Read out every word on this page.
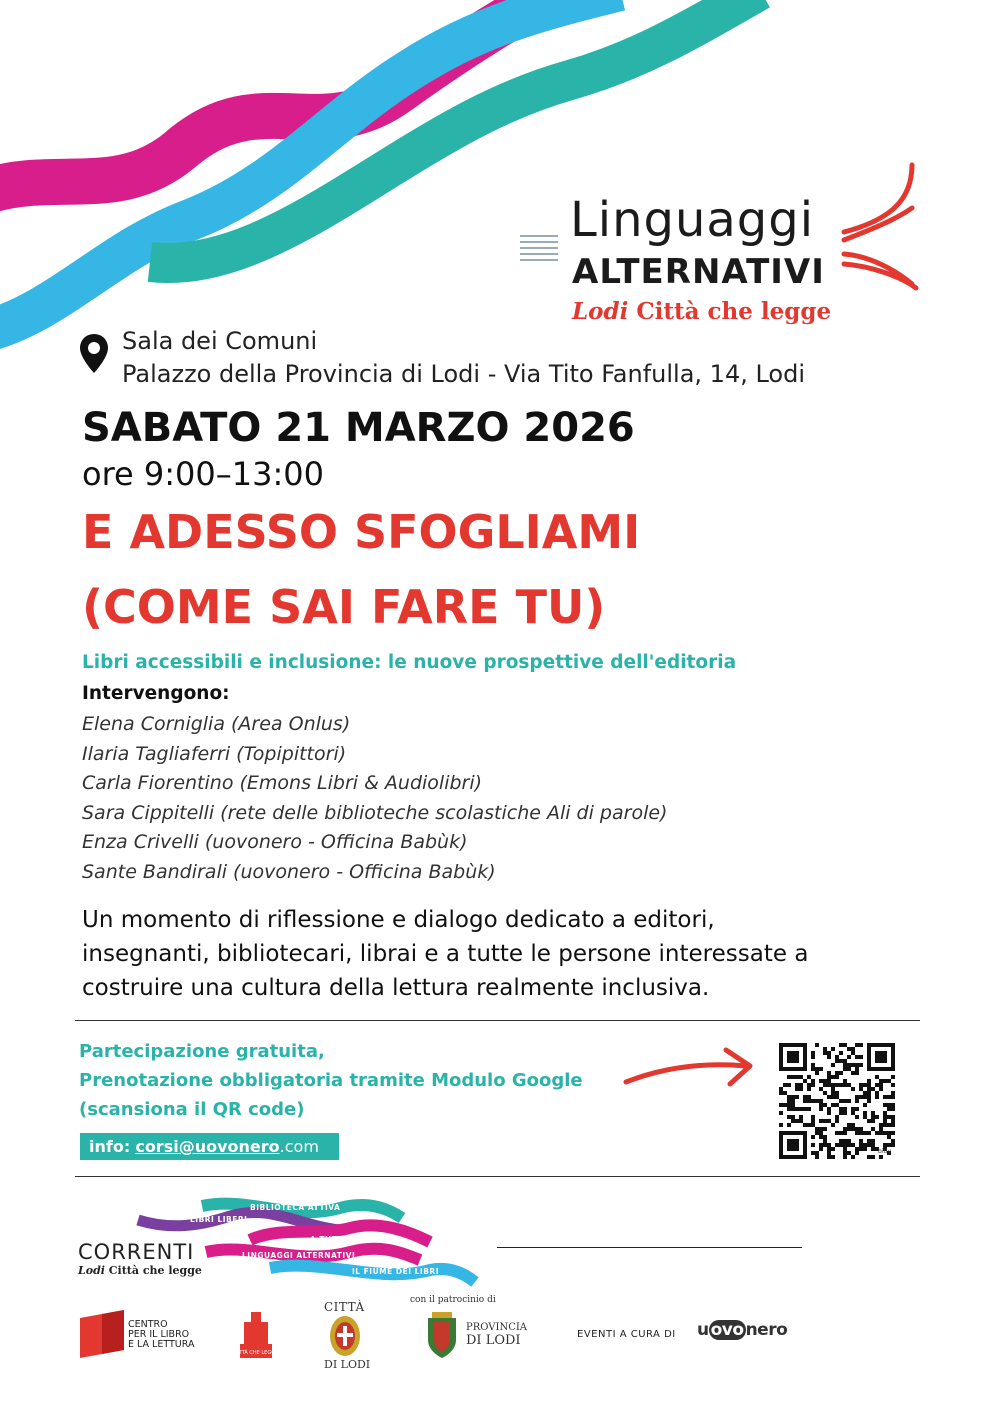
Linguaggi
ALTERNATIVI
Lodi Città che legge
Sala dei Comuni
Palazzo della Provincia di Lodi - Via Tito Fanfulla, 14, Lodi
SABATO 21 MARZO 2026
ore 9:00–13:00
E ADESSO SFOGLIAMI
(COME SAI FARE TU)
Libri accessibili e inclusione: le nuove prospettive dell'editoria
Intervengono:
Elena Corniglia (Area Onlus)
Ilaria Tagliaferri (Topipittori)
Carla Fiorentino (Emons Libri & Audiolibri)
Sara Cippitelli (rete delle biblioteche scolastiche Ali di parole)
Enza Crivelli (uovonero - Officina Babùk)
Sante Bandirali (uovonero - Officina Babùk)
Un momento di riflessione e dialogo dedicato a editori,
insegnanti, bibliotecari, librai e a tutte le persone interessate a
costruire una cultura della lettura realmente inclusiva.
Partecipazione gratuita,
Prenotazione obbligatoria tramite Modulo Google
(scansiona il QR code)
info: corsi@uovonero.com	bitly
LIBRI LIBERI
BIBLIOTECA ATTIVA
A TUTT'ORECCHI
LINGUAGGI ALTERNATIVI
IL FIUME DEI LIBRI
CORRENTI
Lodi Città che legge
CENTRO
PER IL LIBRO
E LA LETTURA
CITTÀ CHE LEGGE
CITTÀ
DI LODI
con il patrocinio di
PROVINCIA
DI LODI	EVENTI A CURA DI u ovo nero
